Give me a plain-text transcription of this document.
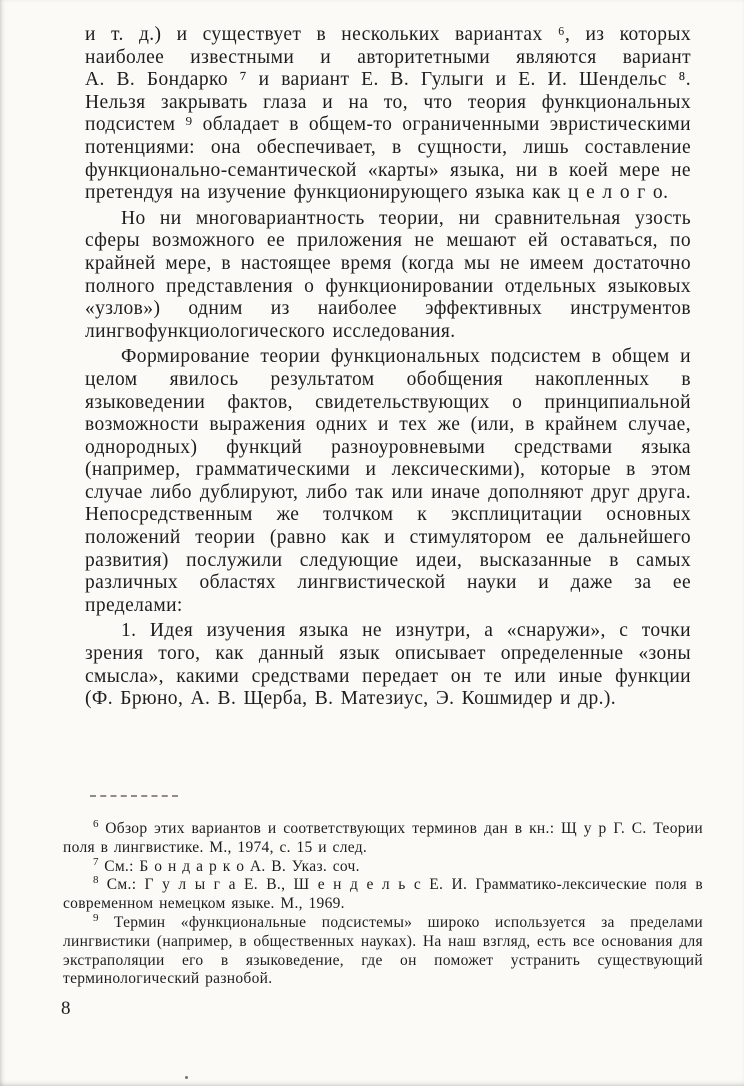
и т. д.) и существует в нескольких вариантах ⁶, из которых наиболее известными и авторитетными являются вариант А. В. Бондарко ⁷ и вариант Е. В. Гулыги и Е. И. Шендельс ⁸. Нельзя закрывать глаза и на то, что теория функциональных подсистем ⁹ обладает в общем-то ограниченными эвристическими потенциями: она обеспечивает, в сущности, лишь составление функционально-семантической «карты» языка, ни в коей мере не претендуя на изучение функционирующего языка как ц е л о г о.

Но ни многовариантность теории, ни сравнительная узость сферы возможного ее приложения не мешают ей оставаться, по крайней мере, в настоящее время (когда мы не имеем достаточно полного представления о функционировании отдельных языковых «узлов») одним из наиболее эффективных инструментов лингвофункциологического исследования.

Формирование теории функциональных подсистем в общем и целом явилось результатом обобщения накопленных в языковедении фактов, свидетельствующих о принципиальной возможности выражения одних и тех же (или, в крайнем случае, однородных) функций разноуровневыми средствами языка (например, грамматическими и лексическими), которые в этом случае либо дублируют, либо так или иначе дополняют друг друга. Непосредственным же толчком к эксплицитации основных положений теории (равно как и стимулятором ее дальнейшего развития) послужили следующие идеи, высказанные в самых различных областях лингвистической науки и даже за ее пределами:

1. Идея изучения языка не изнутри, а «снаружи», с точки зрения того, как данный язык описывает определенные «зоны смысла», какими средствами передает он те или иные функции (Ф. Брюно, А. В. Щерба, В. Матезиус, Э. Кошмидер и др.).

$^6$ Обзор этих вариантов и соответствующих терминов дан в кн.: Щ у р Г. С. Теории поля в лингвистике. М., 1974, с. 15 и след.

$^7$ См.: Б о н д а р к о А. В. Указ. соч.

$^8$ См.: Г у л ы г а Е. В., Ш е н д е л ь с Е. И. Грамматико-лексические поля в современном немецком языке. М., 1969.

$^9$ Термин «функциональные подсистемы» широко используется за пределами лингвистики (например, в общественных науках). На наш взгляд, есть все основания для экстраполяции его в языковедение, где он поможет устранить существующий терминологический разнобой.

8
